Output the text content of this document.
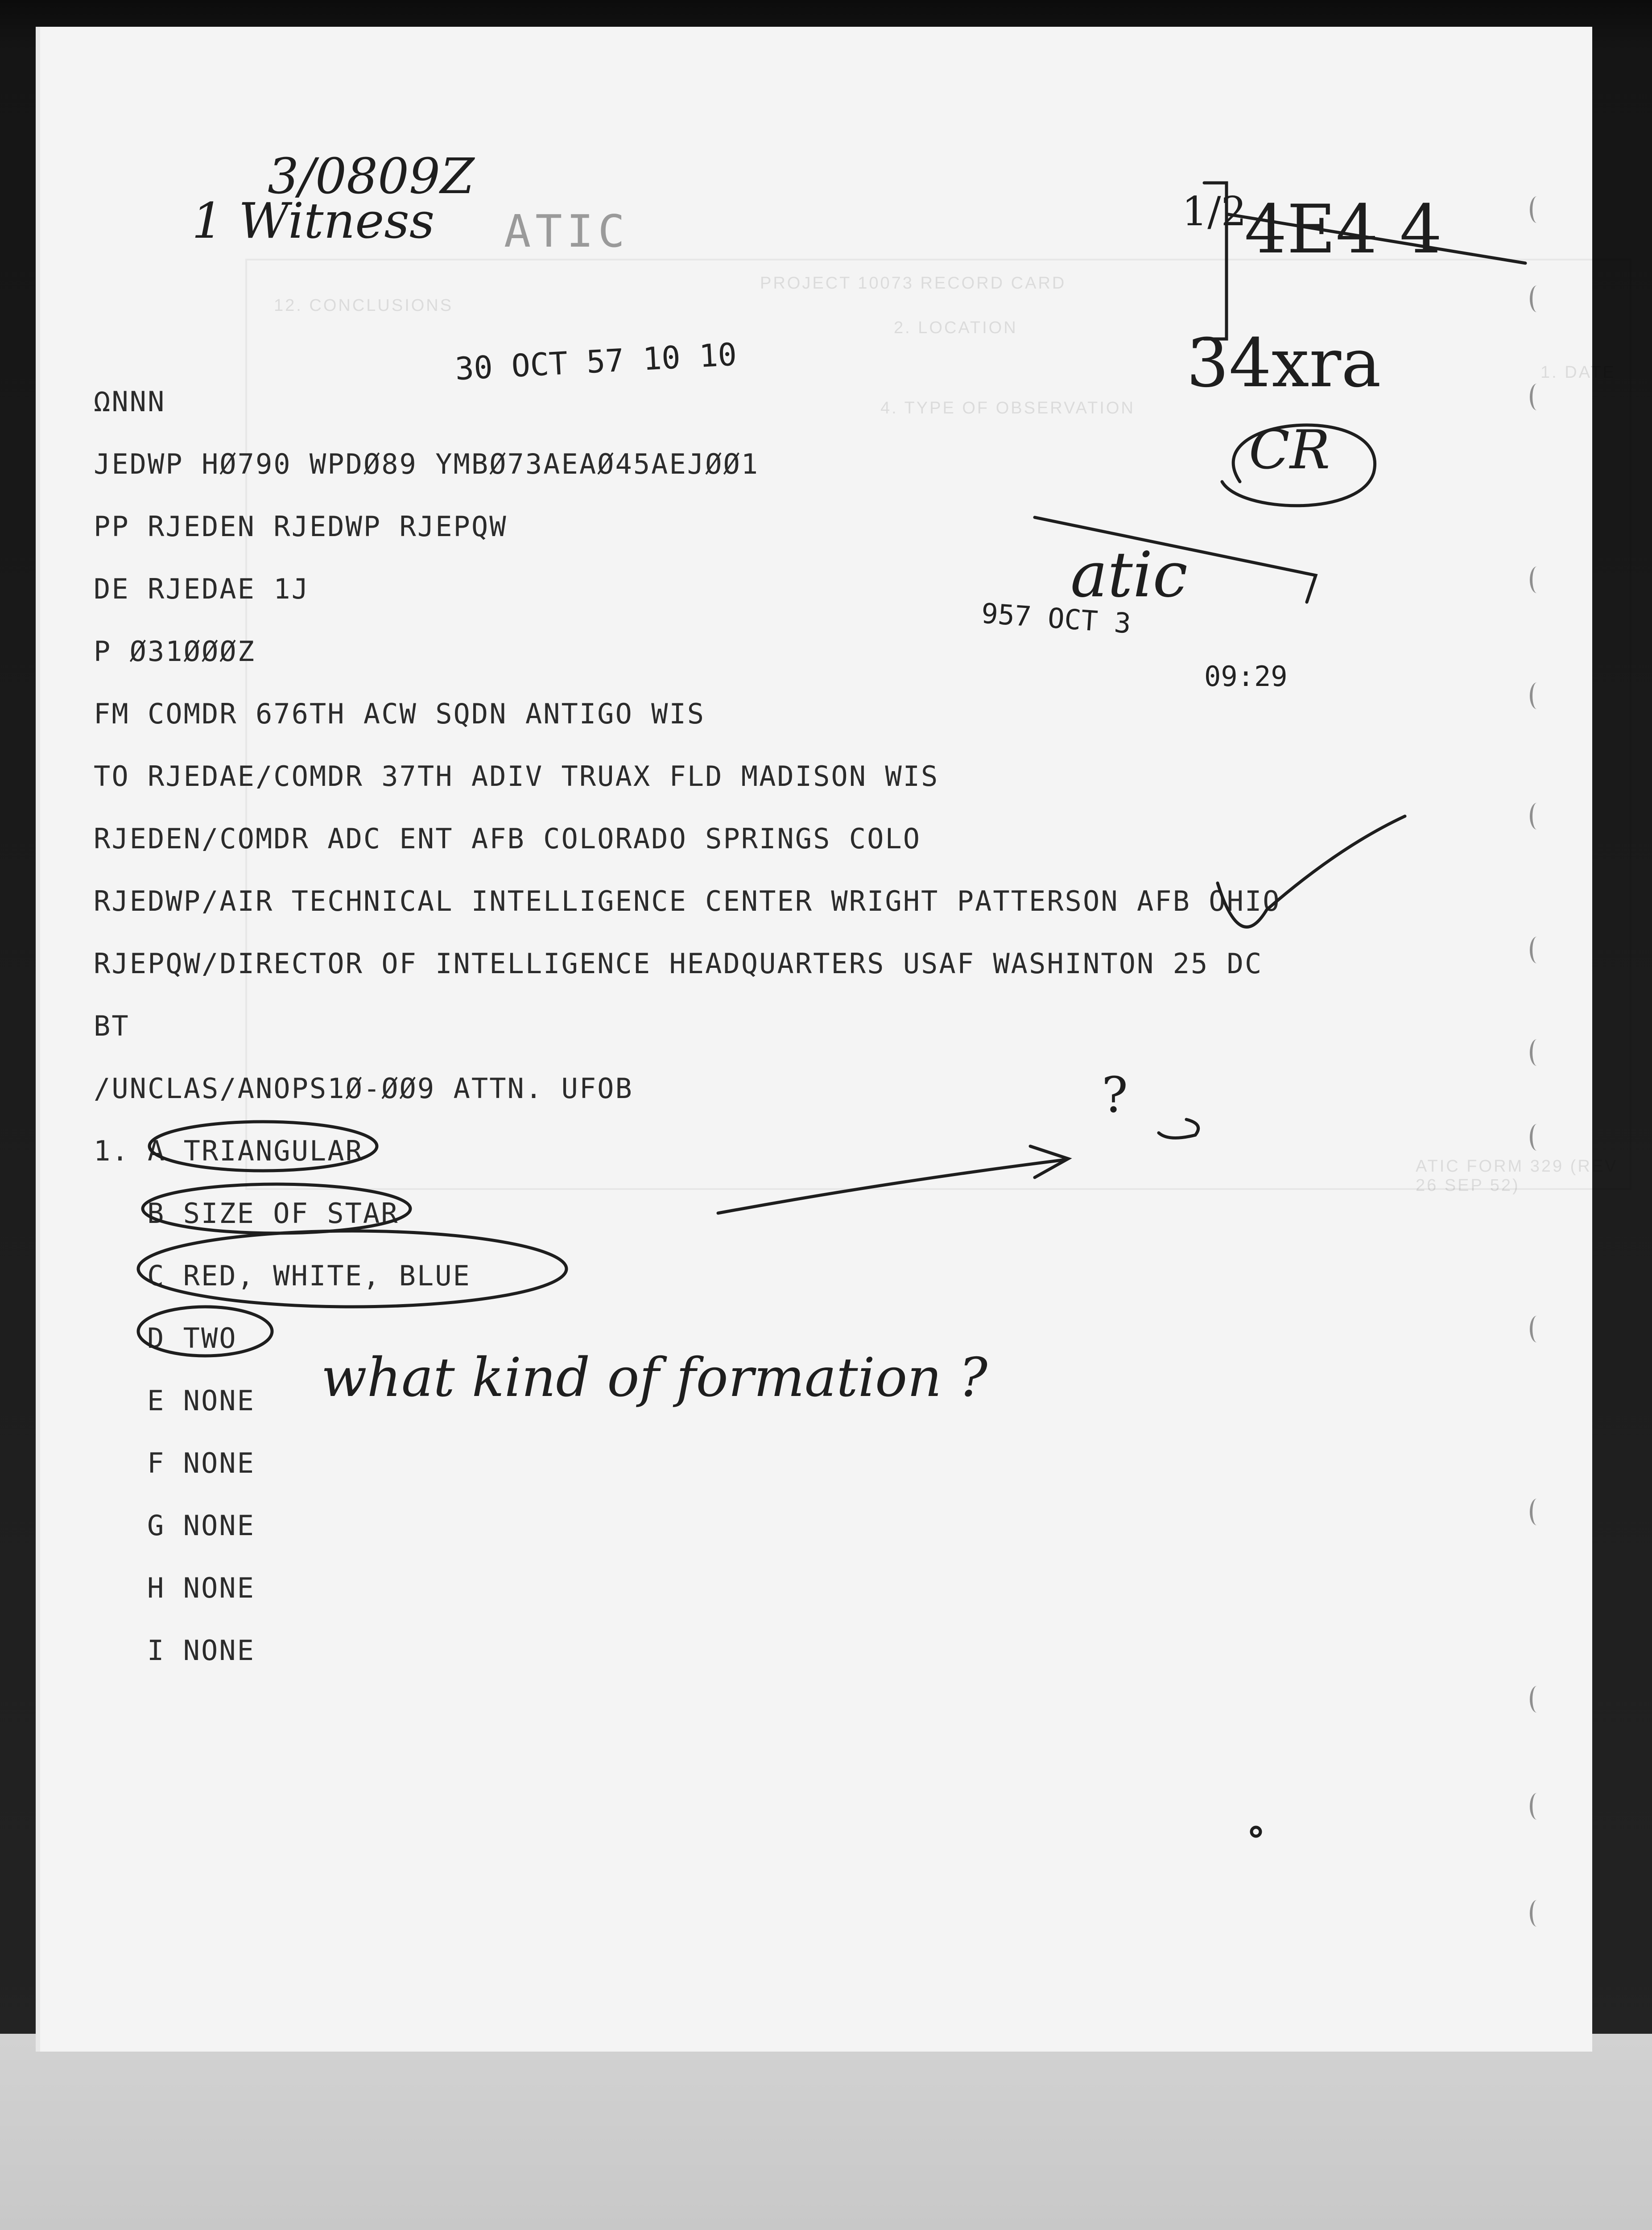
PROJECT 10073 RECORD CARD
12. CONCLUSIONS
2. LOCATION
4. TYPE OF OBSERVATION
1. DATE
ATIC FORM 329 (REV 26 SEP 52)
3/0809Z
1 Witness	1/2
4E4 4
34xra
CR
?
what kind of formation ?
ATIC
30 OCT 57 10 10
atic
957 OCT 3
09:29

ΩNNN

JEDWP HØ790 WPDØ89 YMBØ73AEAØ45AEJØØ1

PP RJEDEN RJEDWP RJEPQW

DE RJEDAE 1J

P Ø31ØØØZ

FM COMDR 676TH ACW SQDN ANTIGO WIS

TO RJEDAE/COMDR 37TH ADIV TRUAX FLD MADISON WIS

RJEDEN/COMDR ADC ENT AFB COLORADO SPRINGS COLO

RJEDWP/AIR TECHNICAL INTELLIGENCE CENTER WRIGHT PATTERSON AFB OHIO

RJEPQW/DIRECTOR OF INTELLIGENCE HEADQUARTERS USAF WASHINTON 25 DC

BT

/UNCLAS/ANOPS1Ø-ØØ9 ATTN. UFOB

1. A TRIANGULAR

B SIZE OF STAR

C RED, WHITE, BLUE

D TWO

E NONE

F NONE

G NONE

H NONE

I NONE
